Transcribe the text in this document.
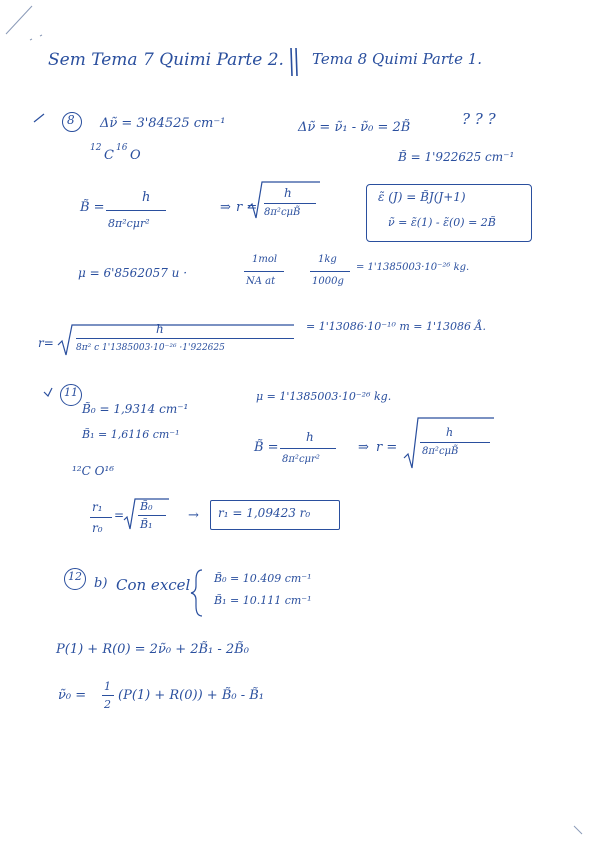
Sem Tema 7 Quimi Parte 2. Tema 8 Quimi Parte 1.
8 Δν̃ = 3'84525 cm⁻¹
12 C 16 O
Δν̃ = ν̃₁ - ν̃₀ = 2B̃	? ? ?
B̃ = 1'922625 cm⁻¹
B̃ =
h
8π²cμr²
⇒ r =
h
8π²cμB̃
ε̃ (J) = B̃J(J+1)
ν̃ = ε̃(1) - ε̃(0) = 2B̃
μ = 6'8562057 u ·
1mol
NA at
1kg
1000g
= 1'1385003·10⁻²⁶ kg.
r=
h
8π² c 1'1385003·10⁻²⁶ ·1'922625
= 1'13086·10⁻¹⁰ m = 1'13086 Å.
11
B̃₀ = 1,9314 cm⁻¹
B̃₁ = 1,6116 cm⁻¹
μ = 1'1385003·10⁻²⁶ kg.
¹²C O¹⁶
B̃ =
h
8π²cμr²
⇒ r =
h
8π²cμB̃
r₁
r₀
=
B̃₀
B̃₁
→ r₁ = 1,09423 r₀
12 b) Con excel B̃₀ = 10.409 cm⁻¹
B̃₁ = 10.111 cm⁻¹
P(1) + R(0) = 2ν̃₀ + 2B̃₁ - 2B̃₀
ν̃₀ =
1
2
(P(1) + R(0)) + B̃₀ - B̃₁
